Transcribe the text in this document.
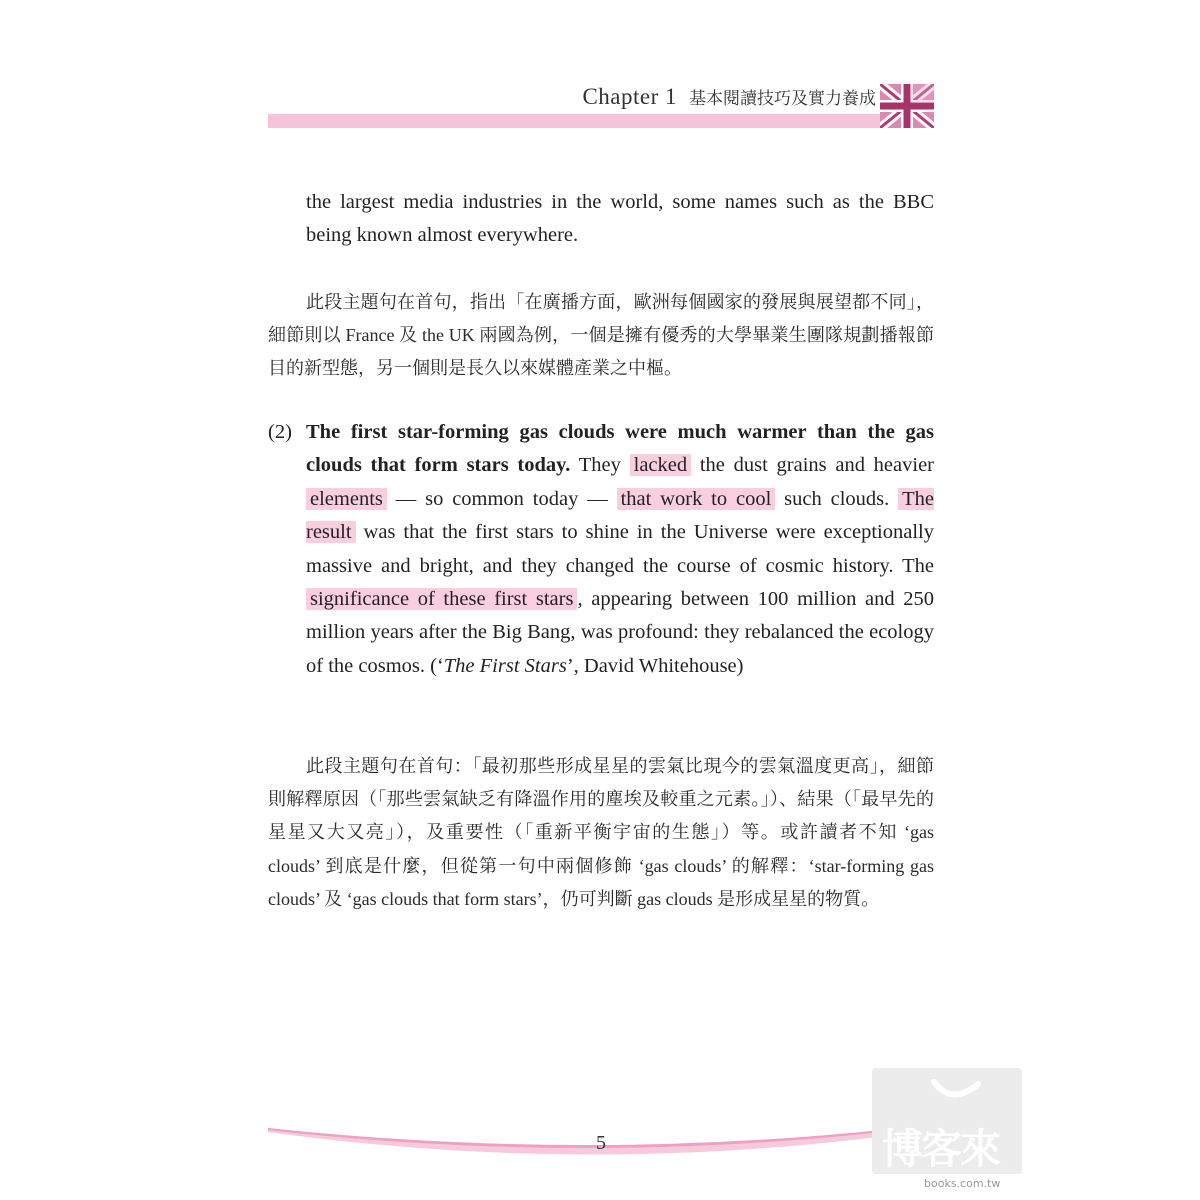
Chapter 1 基本閱讀技巧及實力養成
the largest media industries in the world, some names such as the BBC being known almost everywhere.
此段主題句在首句，指出「在廣播方面，歐洲每個國家的發展與展望都不同」，細節則以 France 及 the UK 兩國為例，一個是擁有優秀的大學畢業生團隊規劃播報節目的新型態，另一個則是長久以來媒體產業之中樞。
(2) The first star-forming gas clouds were much warmer than the gas clouds that form stars today. They lacked the dust grains and heavier elements — so common today — that work to cool such clouds. The result was that the first stars to shine in the Universe were exceptionally massive and bright, and they changed the course of cosmic history. The significance of these first stars , appearing between 100 million and 250 million years after the Big Bang, was profound: they rebalanced the ecology of the cosmos. (‘The First Stars’, David Whitehouse)
此段主題句在首句：「最初那些形成星星的雲氣比現今的雲氣溫度更高」，細節則解釋原因（「那些雲氣缺乏有降溫作用的塵埃及較重之元素。」）、結果（「最早先的星星又大又亮」），及重要性（「重新平衡宇宙的生態」）等。或許讀者不知 ‘gas clouds’ 到底是什麼，但從第一句中兩個修飾 ‘gas clouds’ 的解釋：‘star-forming gas clouds’ 及 ‘gas clouds that form stars’，仍可判斷 gas clouds 是形成星星的物質。
5	博客來
books.com.tw
